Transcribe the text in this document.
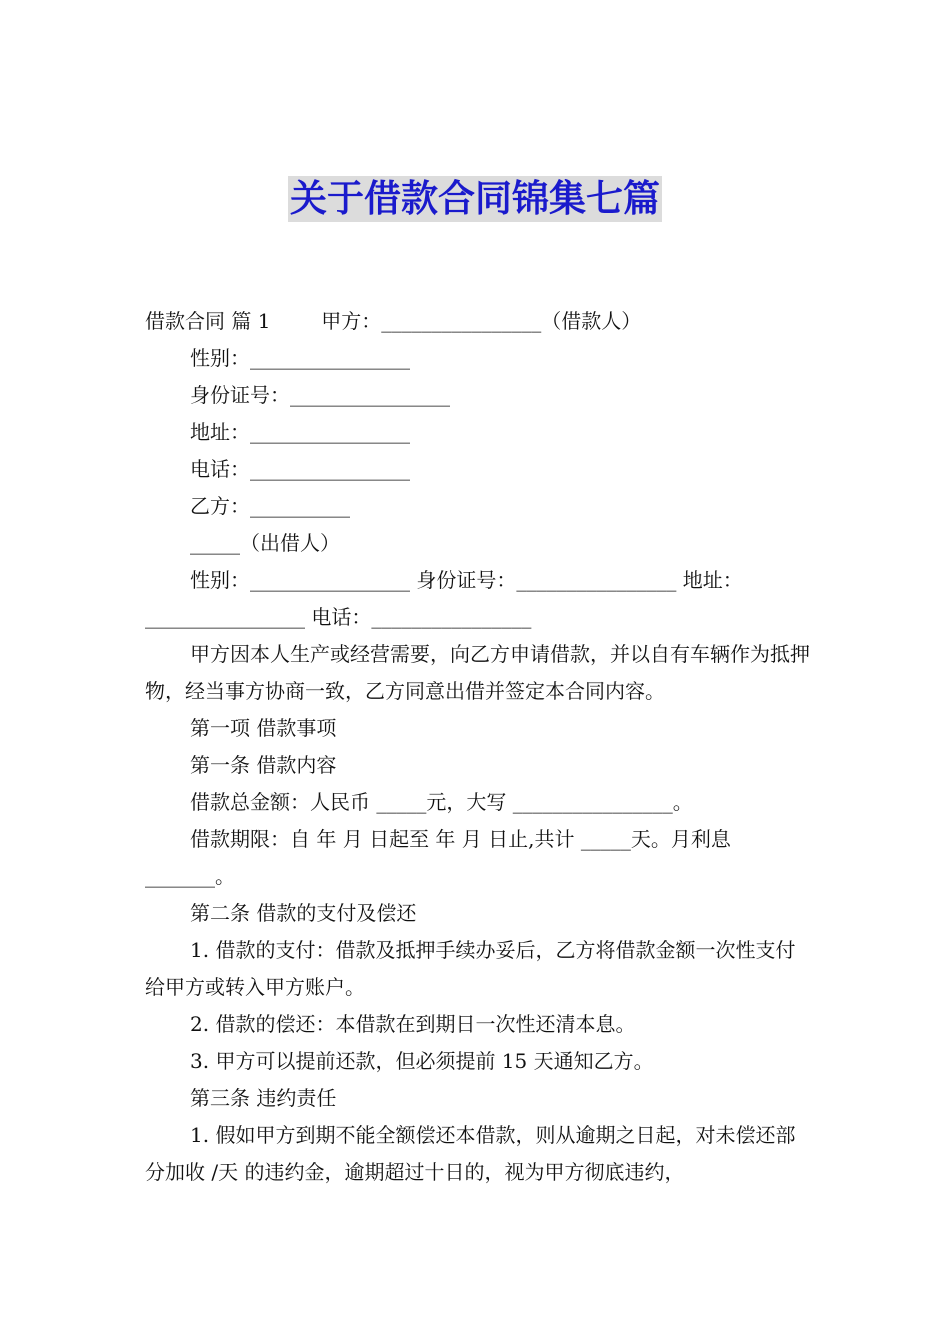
关于借款合同锦集七篇

借款合同 篇 1        甲方：________________（借款人）

性别：________________

身份证号：________________

地址：________________

电话：________________

乙方：__________

_____（出借人）

性别：________________ 身份证号：________________ 地址：________________ 电话：________________

甲方因本人生产或经营需要，向乙方申请借款，并以自有车辆作为抵押物，经当事方协商一致，乙方同意出借并签定本合同内容。

第一项 借款事项

第一条 借款内容

借款总金额：人民币 _____元，大写 ________________。

借款期限：自 年 月 日起至 年 月 日止,共计 _____天。月利息 _______。

第二条 借款的支付及偿还

1. 借款的支付：借款及抵押手续办妥后，乙方将借款金额一次性支付给甲方或转入甲方账户。

2. 借款的偿还：本借款在到期日一次性还清本息。

3. 甲方可以提前还款，但必须提前 15 天通知乙方。

第三条 违约责任

1. 假如甲方到期不能全额偿还本借款，则从逾期之日起，对未偿还部分加收 /天 的违约金，逾期超过十日的，视为甲方彻底违约，
